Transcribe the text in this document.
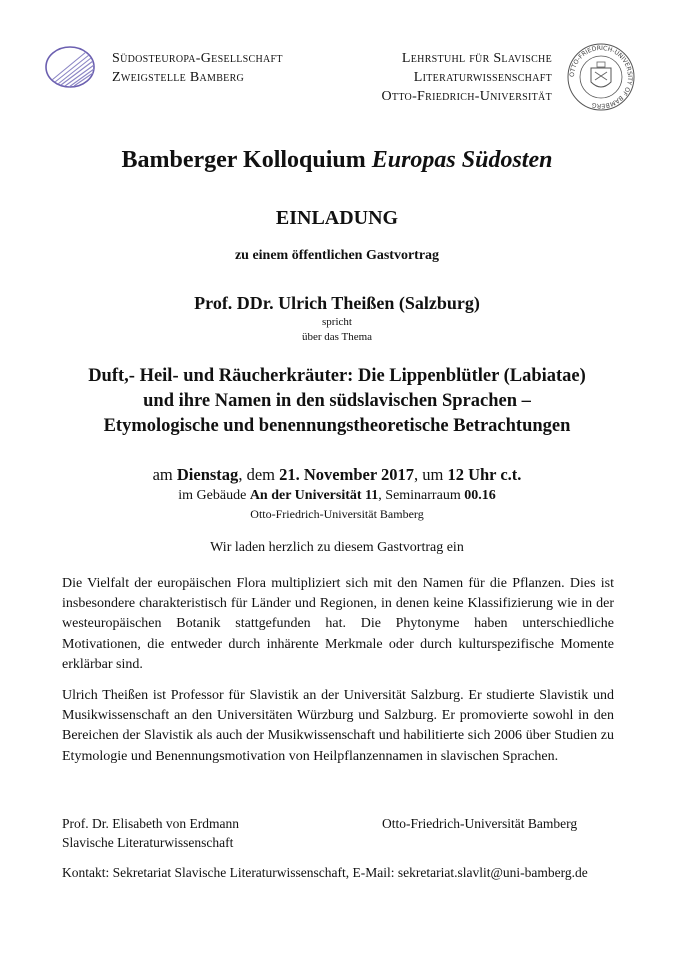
Südosteuropa-Gesellschaft
Zweigstelle Bamberg
Lehrstuhl für Slavische
Literaturwissenschaft
Otto-Friedrich-Universität
OTTO-FRIEDRICH-UNIVERSITY OF BAMBERG
Bamberger Kolloquium Europas Südosten
EINLADUNG
zu einem öffentlichen Gastvortrag
Prof. DDr. Ulrich Theißen (Salzburg)
spricht
über das Thema
Duft,- Heil- und Räucherkräuter: Die Lippenblütler (Labiatae)
und ihre Namen in den südslavischen Sprachen –
Etymologische und benennungstheoretische Betrachtungen
am Dienstag, dem 21. November 2017, um 12 Uhr c.t.
im Gebäude An der Universität 11, Seminarraum 00.16
Otto-Friedrich-Universität Bamberg
Wir laden herzlich zu diesem Gastvortrag ein
Die Vielfalt der europäischen Flora multipliziert sich mit den Namen für die Pflanzen. Dies ist insbesondere charakteristisch für Länder und Regionen, in denen keine Klassifizierung wie in der westeuropäischen Botanik stattgefunden hat. Die Phytonyme haben unterschiedliche Motivationen, die entweder durch inhärente Merkmale oder durch kulturspezifische Momente erklärbar sind.
Ulrich Theißen ist Professor für Slavistik an der Universität Salzburg. Er studierte Slavistik und Musikwissenschaft an den Universitäten Würzburg und Salzburg. Er promovierte sowohl in den Bereichen der Slavistik als auch der Musikwissenschaft und habilitierte sich 2006 über Studien zu Etymologie und Benennungsmotivation von Heilpflanzennamen in slavischen Sprachen.
Prof. Dr. Elisabeth von Erdmann
Slavische Literaturwissenschaft
Otto-Friedrich-Universität Bamberg
Kontakt: Sekretariat Slavische Literaturwissenschaft, E-Mail: sekretariat.slavlit@uni-bamberg.de
